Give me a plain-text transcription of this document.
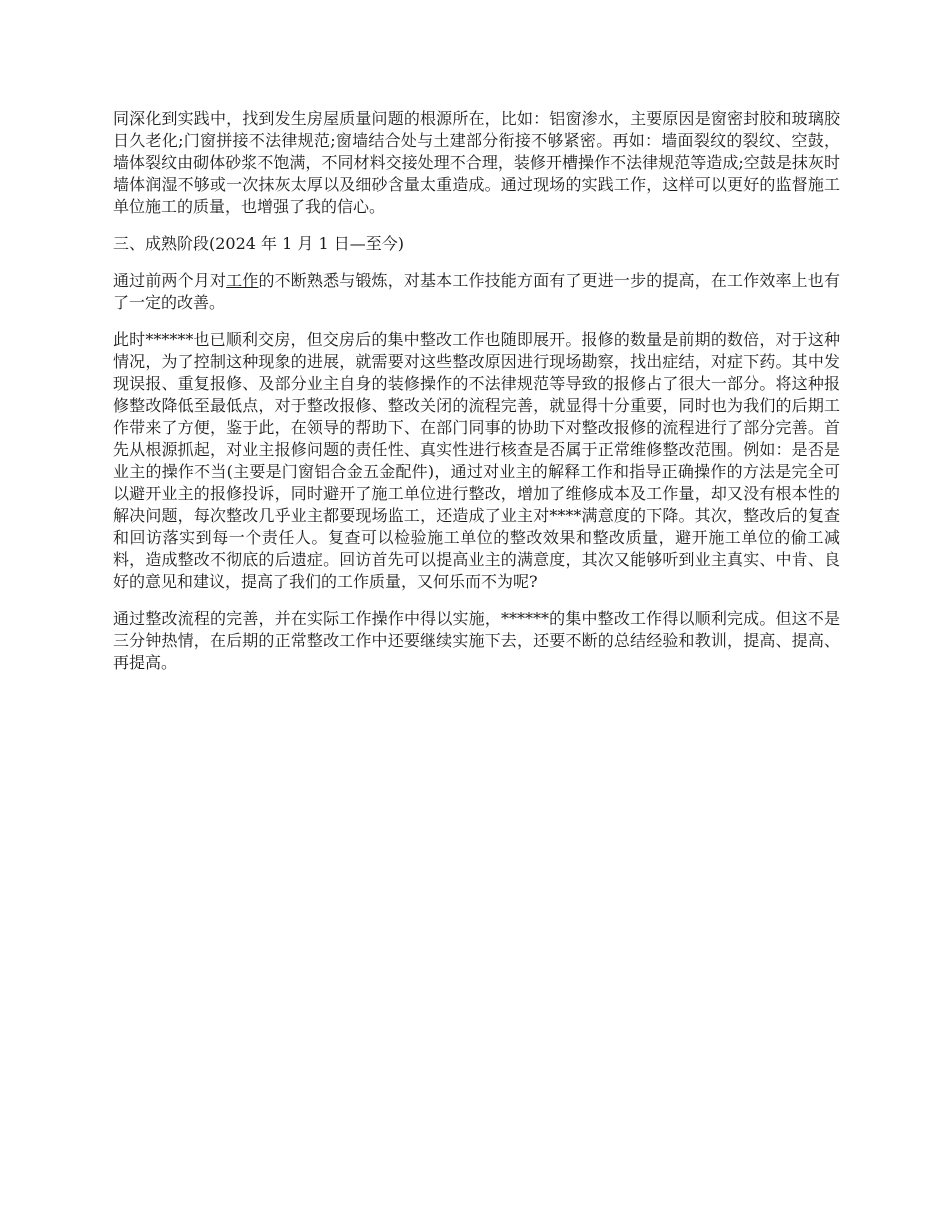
同深化到实践中，找到发生房屋质量问题的根源所在，比如：铝窗渗水，主要原因是窗密封胶和玻璃胶日久老化;门窗拼接不法律规范;窗墙结合处与土建部分衔接不够紧密。再如：墙面裂纹的裂纹、空鼓，墙体裂纹由砌体砂浆不饱满，不同材料交接处理不合理，装修开槽操作不法律规范等造成;空鼓是抹灰时墙体润湿不够或一次抹灰太厚以及细砂含量太重造成。通过现场的实践工作，这样可以更好的监督施工单位施工的质量，也增强了我的信心。

三、成熟阶段(2024 年 1 月 1 日—至今)

通过前两个月对工作的不断熟悉与锻炼，对基本工作技能方面有了更进一步的提高，在工作效率上也有了一定的改善。

此时******也已顺利交房，但交房后的集中整改工作也随即展开。报修的数量是前期的数倍，对于这种情况，为了控制这种现象的进展，就需要对这些整改原因进行现场勘察，找出症结，对症下药。其中发现误报、重复报修、及部分业主自身的装修操作的不法律规范等导致的报修占了很大一部分。将这种报修整改降低至最低点，对于整改报修、整改关闭的流程完善，就显得十分重要，同时也为我们的后期工作带来了方便，鉴于此，在领导的帮助下、在部门同事的协助下对整改报修的流程进行了部分完善。首先从根源抓起，对业主报修问题的责任性、真实性进行核查是否属于正常维修整改范围。例如：是否是业主的操作不当(主要是门窗铝合金五金配件)，通过对业主的解释工作和指导正确操作的方法是完全可以避开业主的报修投诉，同时避开了施工单位进行整改，增加了维修成本及工作量，却又没有根本性的解决问题，每次整改几乎业主都要现场监工，还造成了业主对****满意度的下降。其次，整改后的复查和回访落实到每一个责任人。复查可以检验施工单位的整改效果和整改质量，避开施工单位的偷工减料，造成整改不彻底的后遗症。回访首先可以提高业主的满意度，其次又能够听到业主真实、中肯、良好的意见和建议，提高了我们的工作质量，又何乐而不为呢?

通过整改流程的完善，并在实际工作操作中得以实施，******的集中整改工作得以顺利完成。但这不是三分钟热情，在后期的正常整改工作中还要继续实施下去，还要不断的总结经验和教训，提高、提高、再提高。
